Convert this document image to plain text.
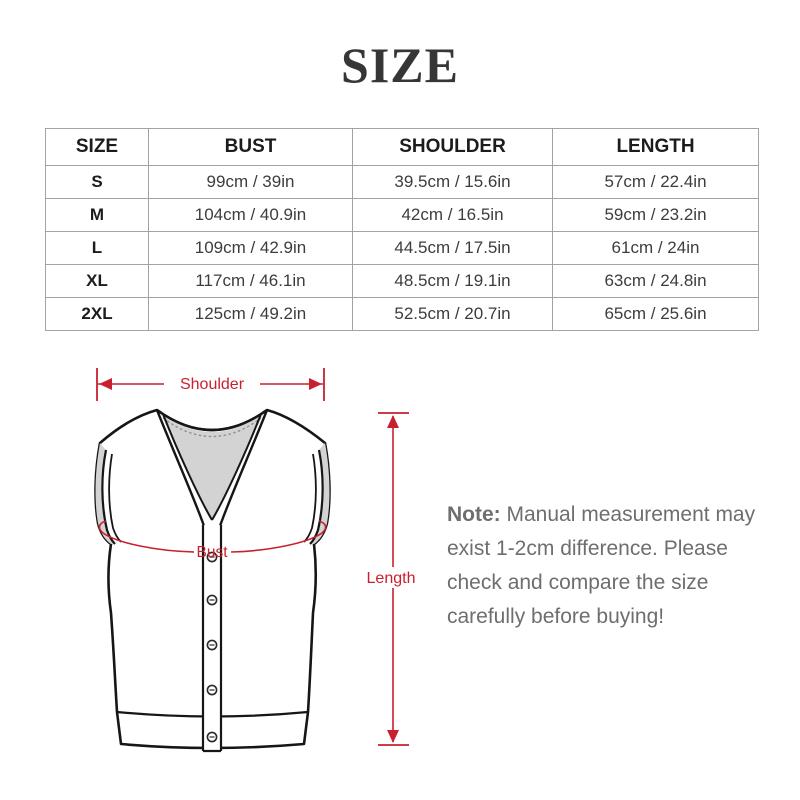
SIZE
SIZE	BUST	SHOULDER	LENGTH
S	99cm / 39in	39.5cm / 15.6in	57cm / 22.4in
M	104cm / 40.9in	42cm / 16.5in	59cm / 23.2in
L	109cm / 42.9in	44.5cm / 17.5in	61cm / 24in
XL	117cm / 46.1in	48.5cm / 19.1in	63cm / 24.8in
2XL	125cm / 49.2in	52.5cm / 20.7in	65cm / 25.6in
Shoulder
Bust
Length
Note: Manual measurement may
exist 1-2cm difference. Please
check and compare the size
carefully before buying!
